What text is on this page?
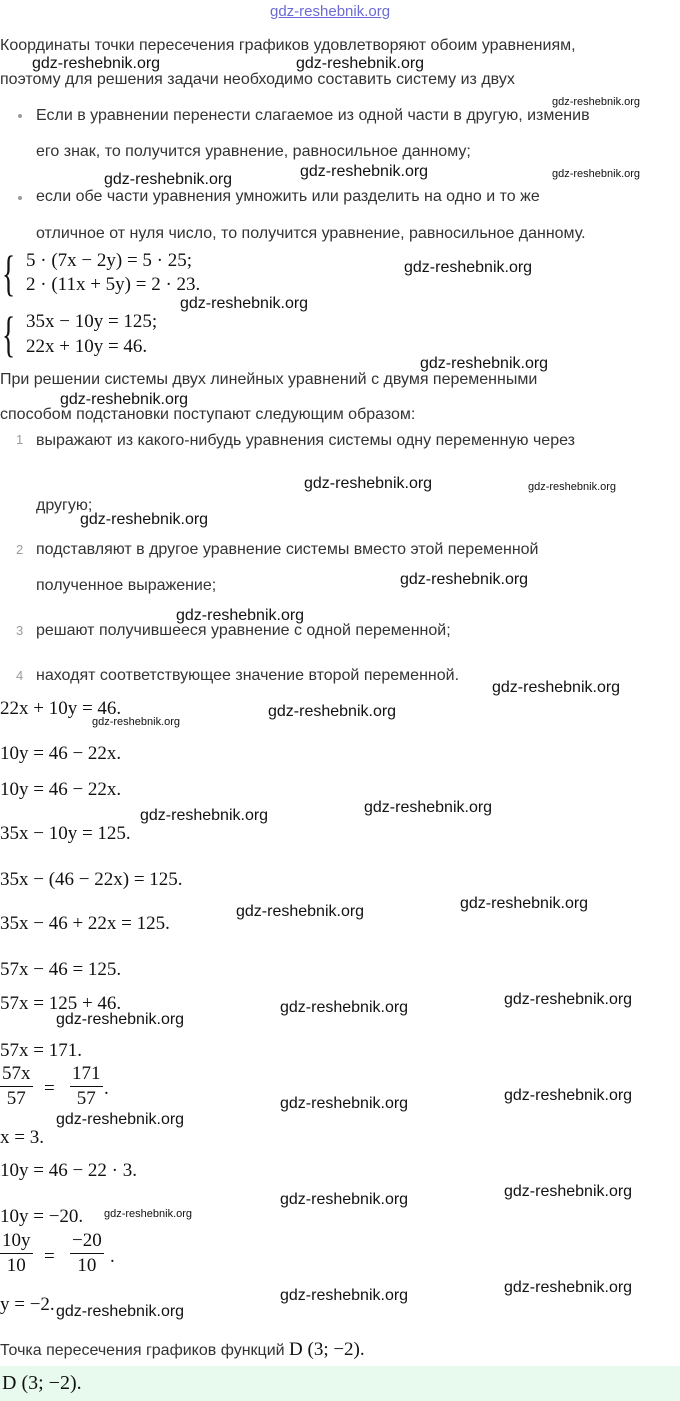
gdz-reshebnik.org
Координаты точки пересечения графиков удовлетворяют обоим уравнениям,
поэтому для решения задачи необходимо составить систему из двух
Если в уравнении перенести слагаемое из одной части в другую, изменив
его знак, то получится уравнение, равносильное данному;
если обе части уравнения умножить или разделить на одно и то же
отличное от нуля число, то получится уравнение, равносильное данному.
{ 5 · (7x − 2y) = 5 · 25;
2 · (11x + 5y) = 2 · 23.
{ 35x − 10y = 125;
22x + 10y = 46.
При решении системы двух линейных уравнений с двумя переменными
способом подстановки поступают следующим образом:
1 выражают из какого-нибудь уравнения системы одну переменную через
другую;
2 подставляют в другое уравнение системы вместо этой переменной
полученное выражение;
3 решают получившееся уравнение с одной переменной;
4 находят соответствующее значение второй переменной.
22x + 10y = 46.
10y = 46 − 22x.
10y = 46 − 22x.
35x − 10y = 125.
35x − (46 − 22x) = 125.
35x − 46 + 22x = 125.
57x − 46 = 125.
57x = 125 + 46.
57x = 171.
57x
57 =
171
57 .
x = 3.
10y = 46 − 22 · 3.
10y = −20.
10y
10 =
−20
10 .
y = −2.
Точка пересечения графиков функций D (3; −2).
D (3; −2).
gdz-reshebnik.org	gdz-reshebnik.org
gdz-reshebnik.org
gdz-reshebnik.org	gdz-reshebnik.org
gdz-reshebnik.org
gdz-reshebnik.org
gdz-reshebnik.org
gdz-reshebnik.org
gdz-reshebnik.org
gdz-reshebnik.org	gdz-reshebnik.org
gdz-reshebnik.org
gdz-reshebnik.org
gdz-reshebnik.org
gdz-reshebnik.org
gdz-reshebnik.org
gdz-reshebnik.org
gdz-reshebnik.org
gdz-reshebnik.org
gdz-reshebnik.org
gdz-reshebnik.org
gdz-reshebnik.org
gdz-reshebnik.org
gdz-reshebnik.org
gdz-reshebnik.org
gdz-reshebnik.org
gdz-reshebnik.org
gdz-reshebnik.org
gdz-reshebnik.org
gdz-reshebnik.org
gdz-reshebnik.org
gdz-reshebnik.org
gdz-reshebnik.org
